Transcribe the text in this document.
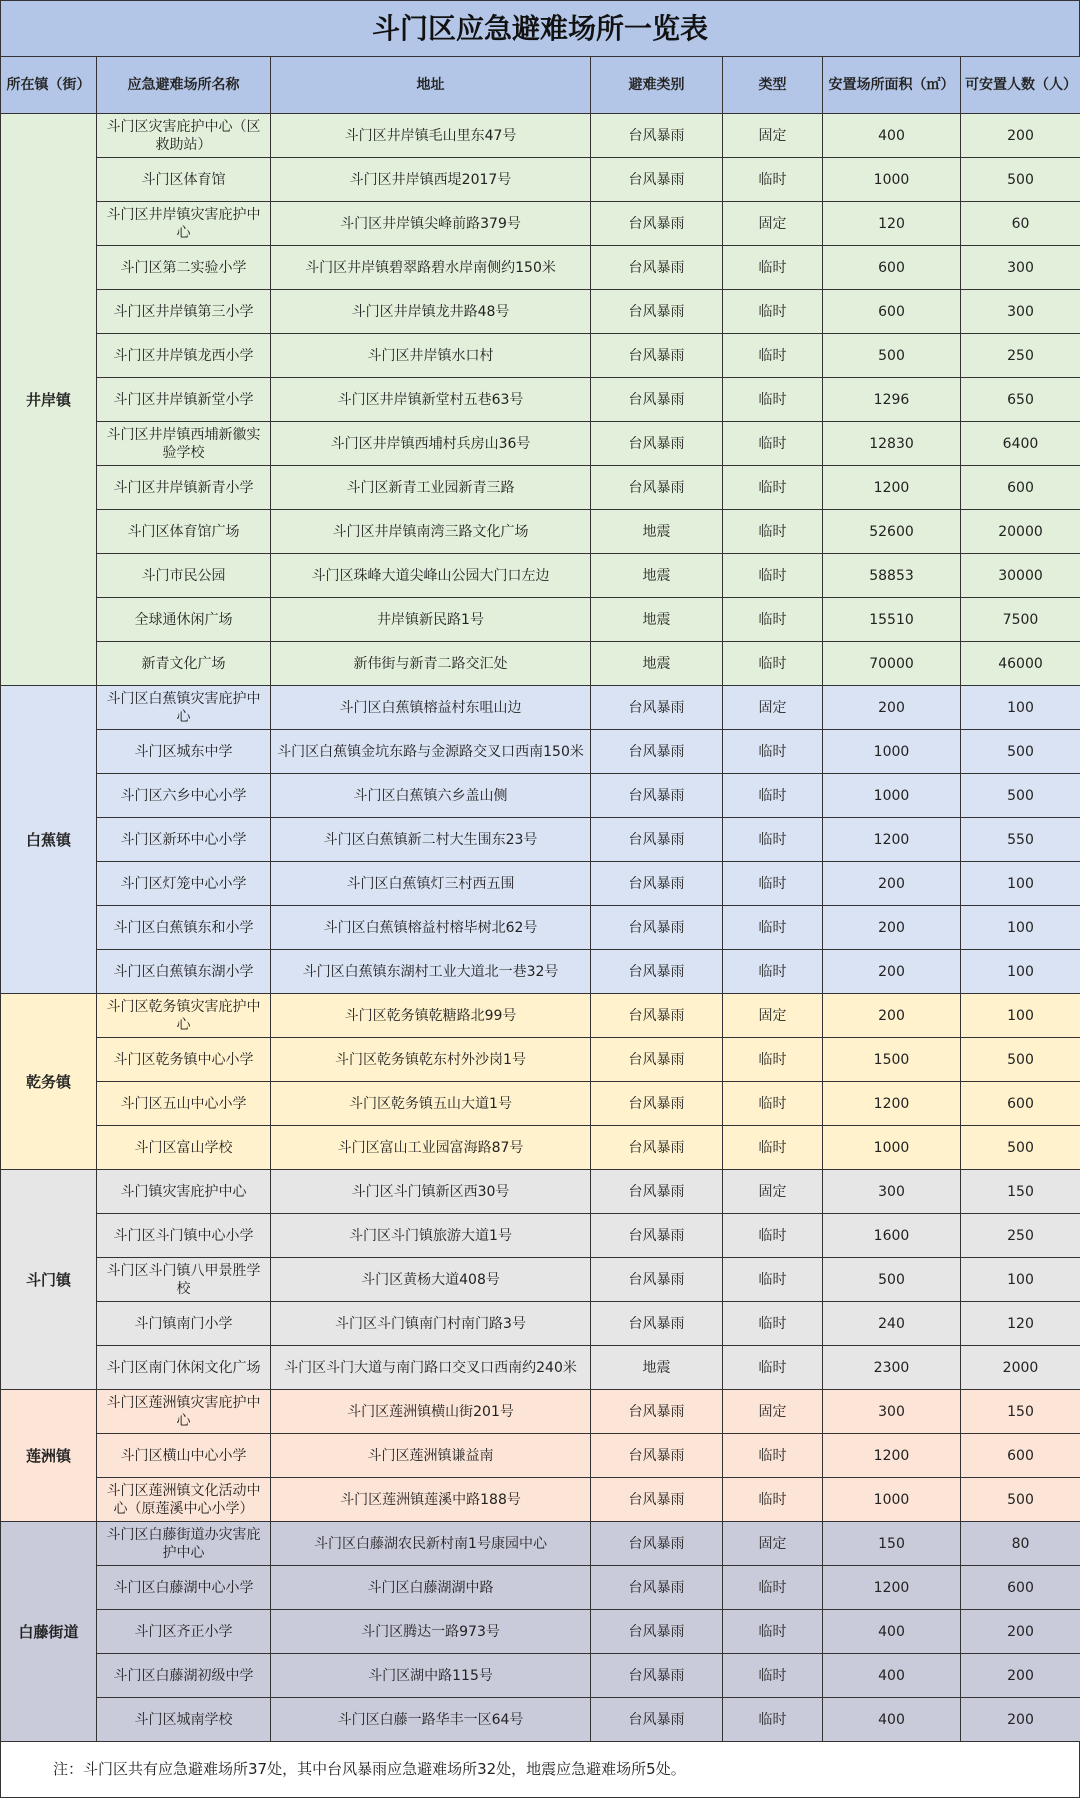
斗门区应急避难场所一览表
所在镇（街）	应急避难场所名称	地址	避难类别	类型	安置场所面积（㎡）	可安置人数（人）
井岸镇	斗门区灾害庇护中心（区救助站）	斗门区井岸镇毛山里东47号	台风暴雨	固定	400	200
	斗门区体育馆	斗门区井岸镇西堤2017号	台风暴雨	临时	1000	500
	斗门区井岸镇灾害庇护中心	斗门区井岸镇尖峰前路379号	台风暴雨	固定	120	60
	斗门区第二实验小学	斗门区井岸镇碧翠路碧水岸南侧约150米	台风暴雨	临时	600	300
	斗门区井岸镇第三小学	斗门区井岸镇龙井路48号	台风暴雨	临时	600	300
	斗门区井岸镇龙西小学	斗门区井岸镇水口村	台风暴雨	临时	500	250
	斗门区井岸镇新堂小学	斗门区井岸镇新堂村五巷63号	台风暴雨	临时	1296	650
	斗门区井岸镇西埔新徽实验学校	斗门区井岸镇西埔村兵房山36号	台风暴雨	临时	12830	6400
	斗门区井岸镇新青小学	斗门区新青工业园新青三路	台风暴雨	临时	1200	600
	斗门区体育馆广场	斗门区井岸镇南湾三路文化广场	地震	临时	52600	20000
	斗门市民公园	斗门区珠峰大道尖峰山公园大门口左边	地震	临时	58853	30000
	全球通休闲广场	井岸镇新民路1号	地震	临时	15510	7500
	新青文化广场	新伟街与新青二路交汇处	地震	临时	70000	46000
白蕉镇	斗门区白蕉镇灾害庇护中心	斗门区白蕉镇榕益村东咀山边	台风暴雨	固定	200	100
	斗门区城东中学	斗门区白蕉镇金坑东路与金源路交叉口西南150米	台风暴雨	临时	1000	500
	斗门区六乡中心小学	斗门区白蕉镇六乡盖山侧	台风暴雨	临时	1000	500
	斗门区新环中心小学	斗门区白蕉镇新二村大生围东23号	台风暴雨	临时	1200	550
	斗门区灯笼中心小学	斗门区白蕉镇灯三村西五围	台风暴雨	临时	200	100
	斗门区白蕉镇东和小学	斗门区白蕉镇榕益村榕毕树北62号	台风暴雨	临时	200	100
	斗门区白蕉镇东湖小学	斗门区白蕉镇东湖村工业大道北一巷32号	台风暴雨	临时	200	100
乾务镇	斗门区乾务镇灾害庇护中心	斗门区乾务镇乾糖路北99号	台风暴雨	固定	200	100
	斗门区乾务镇中心小学	斗门区乾务镇乾东村外沙岗1号	台风暴雨	临时	1500	500
	斗门区五山中心小学	斗门区乾务镇五山大道1号	台风暴雨	临时	1200	600
	斗门区富山学校	斗门区富山工业园富海路87号	台风暴雨	临时	1000	500
斗门镇	斗门镇灾害庇护中心	斗门区斗门镇新区西30号	台风暴雨	固定	300	150
	斗门区斗门镇中心小学	斗门区斗门镇旅游大道1号	台风暴雨	临时	1600	250
	斗门区斗门镇八甲景胜学校	斗门区黄杨大道408号	台风暴雨	临时	500	100
	斗门镇南门小学	斗门区斗门镇南门村南门路3号	台风暴雨	临时	240	120
	斗门区南门休闲文化广场	斗门区斗门大道与南门路口交叉口西南约240米	地震	临时	2300	2000
莲洲镇	斗门区莲洲镇灾害庇护中心	斗门区莲洲镇横山街201号	台风暴雨	固定	300	150
	斗门区横山中心小学	斗门区莲洲镇谦益南	台风暴雨	临时	1200	600
	斗门区莲洲镇文化活动中心（原莲溪中心小学）	斗门区莲洲镇莲溪中路188号	台风暴雨	临时	1000	500
白藤街道	斗门区白藤街道办灾害庇护中心	斗门区白藤湖农民新村南1号康园中心	台风暴雨	固定	150	80
	斗门区白藤湖中心小学	斗门区白藤湖湖中路	台风暴雨	临时	1200	600
	斗门区齐正小学	斗门区腾达一路973号	台风暴雨	临时	400	200
	斗门区白藤湖初级中学	斗门区湖中路115号	台风暴雨	临时	400	200
	斗门区城南学校	斗门区白藤一路华丰一区64号	台风暴雨	临时	400	200
注：斗门区共有应急避难场所37处，其中台风暴雨应急避难场所32处，地震应急避难场所5处。
